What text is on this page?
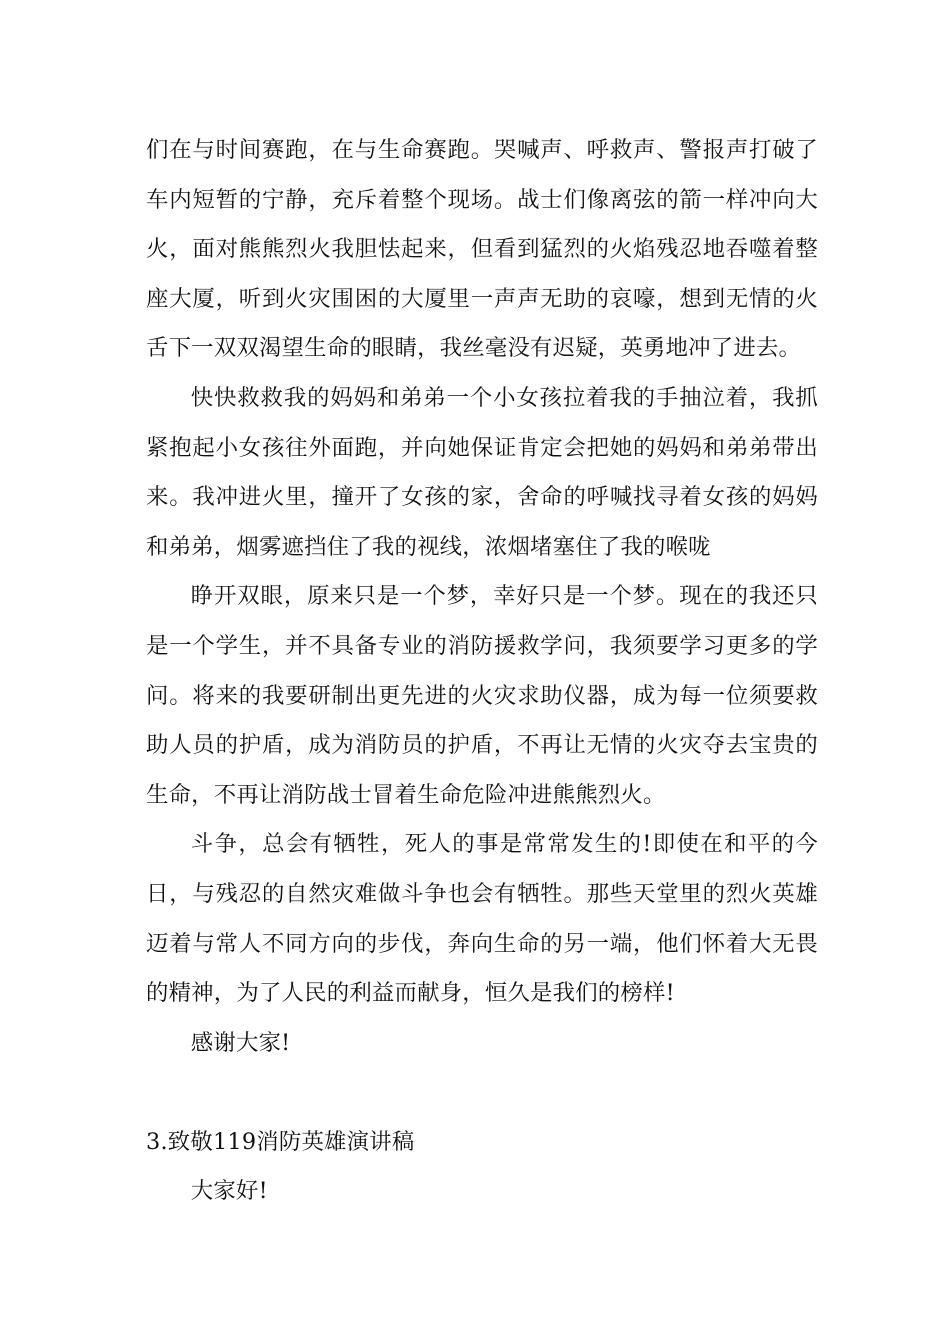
们在与时间赛跑，在与生命赛跑。哭喊声、呼救声、警报声打破了车内短暂的宁静，充斥着整个现场。战士们像离弦的箭一样冲向大火，面对熊熊烈火我胆怯起来，但看到猛烈的火焰残忍地吞噬着整座大厦，听到火灾围困的大厦里一声声无助的哀嚎，想到无情的火舌下一双双渴望生命的眼睛，我丝毫没有迟疑，英勇地冲了进去。

快快救救我的妈妈和弟弟一个小女孩拉着我的手抽泣着，我抓紧抱起小女孩往外面跑，并向她保证肯定会把她的妈妈和弟弟带出来。我冲进火里，撞开了女孩的家，舍命的呼喊找寻着女孩的妈妈和弟弟，烟雾遮挡住了我的视线，浓烟堵塞住了我的喉咙

睁开双眼，原来只是一个梦，幸好只是一个梦。现在的我还只是一个学生，并不具备专业的消防援救学问，我须要学习更多的学问。将来的我要研制出更先进的火灾求助仪器，成为每一位须要救助人员的护盾，成为消防员的护盾，不再让无情的火灾夺去宝贵的生命，不再让消防战士冒着生命危险冲进熊熊烈火。

斗争，总会有牺牲，死人的事是常常发生的!即使在和平的今日，与残忍的自然灾难做斗争也会有牺牲。那些天堂里的烈火英雄迈着与常人不同方向的步伐，奔向生命的另一端，他们怀着大无畏的精神，为了人民的利益而献身，恒久是我们的榜样!

感谢大家!

3.致敬119消防英雄演讲稿

大家好!
